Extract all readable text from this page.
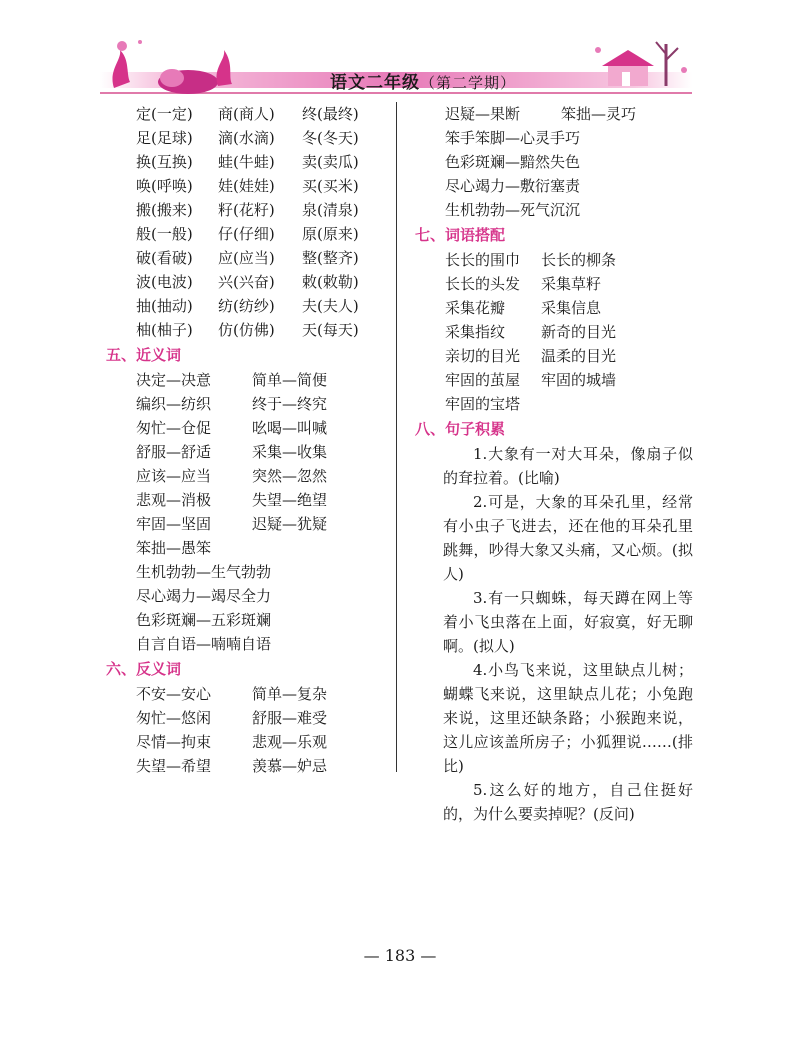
语文二年级（第二学期）
定(一定) 商(商人) 终(最终)
足(足球) 滴(水滴) 冬(冬天)
换(互换) 蛙(牛蛙) 卖(卖瓜)
唤(呼唤) 娃(娃娃) 买(买米)
搬(搬来) 籽(花籽) 泉(清泉)
般(一般) 仔(仔细) 原(原来)
破(看破) 应(应当) 整(整齐)
波(电波) 兴(兴奋) 敕(敕勒)
抽(抽动) 纺(纺纱) 夫(夫人)
柚(柚子) 仿(仿佛) 天(每天)
五、近义词
决定—决意	简单—简便
编织—纺织	终于—终究
匆忙—仓促	吆喝—叫喊
舒服—舒适	采集—收集
应该—应当	突然—忽然
悲观—消极	失望—绝望
牢固—坚固	迟疑—犹疑
笨拙—愚笨
生机勃勃—生气勃勃
尽心竭力—竭尽全力
色彩斑斓—五彩斑斓
自言自语—喃喃自语
六、反义词
不安—安心	简单—复杂
匆忙—悠闲	舒服—难受
尽情—拘束	悲观—乐观
失望—希望	羡慕—妒忌
迟疑—果断	笨拙—灵巧
笨手笨脚—心灵手巧
色彩斑斓—黯然失色
尽心竭力—敷衍塞责
生机勃勃—死气沉沉
七、词语搭配
长长的围巾 长长的柳条
长长的头发 采集草籽
采集花瓣 采集信息
采集指纹 新奇的目光
亲切的目光 温柔的目光
牢固的茧屋 牢固的城墙
牢固的宝塔
八、句子积累

1.大象有一对大耳朵，像扇子似的耷拉着。(比喻)

2.可是，大象的耳朵孔里，经常有小虫子飞进去，还在他的耳朵孔里跳舞，吵得大象又头痛，又心烦。(拟人)

3.有一只蜘蛛，每天蹲在网上等着小飞虫落在上面，好寂寞，好无聊啊。(拟人)

4.小鸟飞来说，这里缺点儿树；蝴蝶飞来说，这里缺点儿花；小兔跑来说，这里还缺条路；小猴跑来说，这儿应该盖所房子；小狐狸说……(排比)

5.这么好的地方，自己住挺好的，为什么要卖掉呢？(反问)

— 183 —
